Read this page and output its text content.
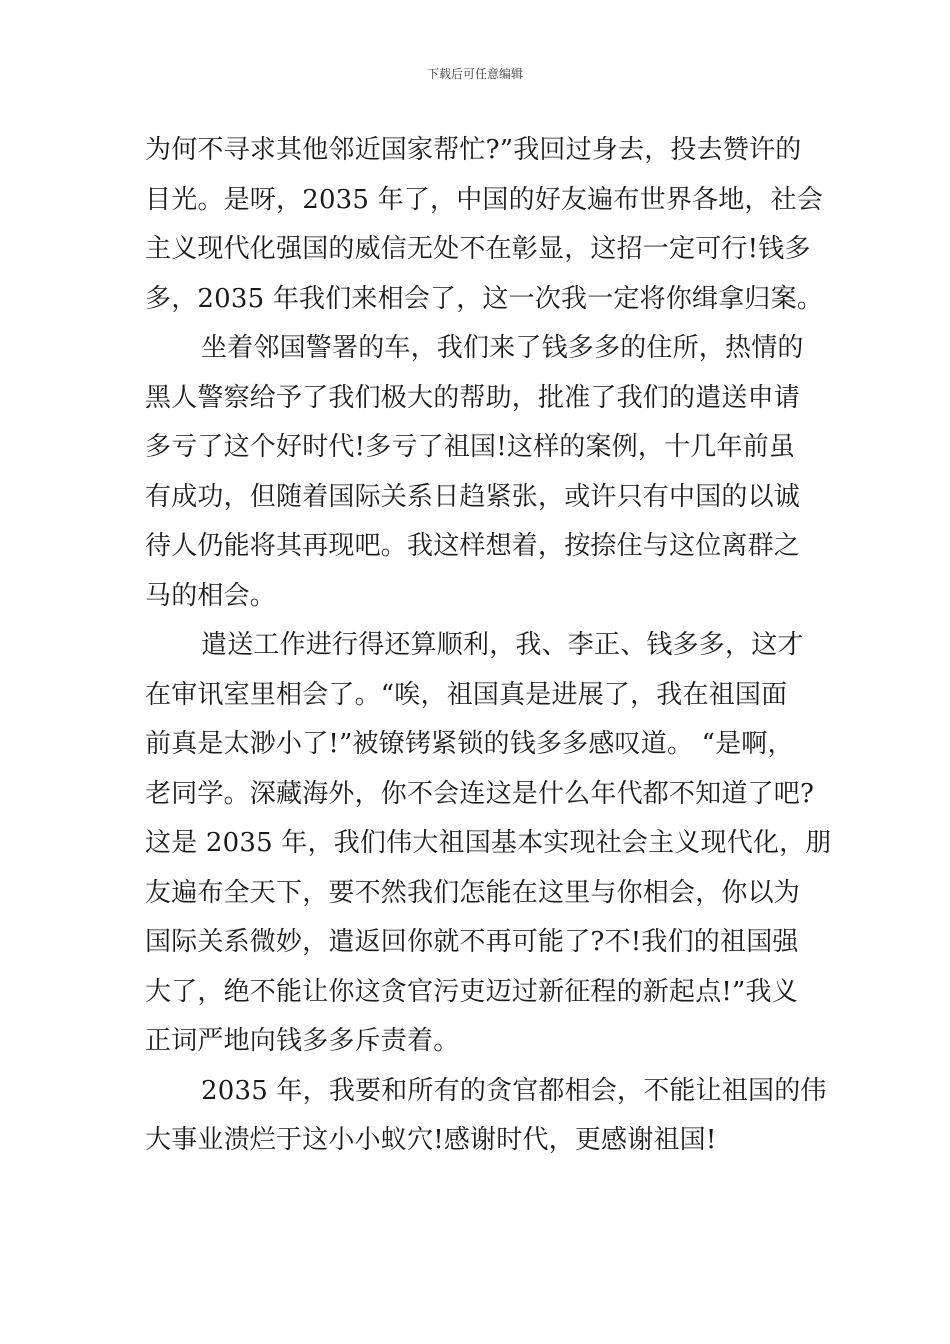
下载后可任意编辑
为何不寻求其他邻近国家帮忙?”我回过身去，投去赞许的
目光。是呀，2035 年了，中国的好友遍布世界各地，社会
主义现代化强国的威信无处不在彰显，这招一定可行!钱多
多，2035 年我们来相会了，这一次我一定将你缉拿归案。
坐着邻国警署的车，我们来了钱多多的住所，热情的
黑人警察给予了我们极大的帮助，批准了我们的遣送申请
多亏了这个好时代!多亏了祖国!这样的案例，十几年前虽
有成功，但随着国际关系日趋紧张，或许只有中国的以诚
待人仍能将其再现吧。我这样想着，按捺住与这位离群之
马的相会。
遣送工作进行得还算顺利，我、李正、钱多多，这才
在审讯室里相会了。“唉，祖国真是进展了，我在祖国面
前真是太渺小了!”被镣铐紧锁的钱多多感叹道。 “是啊，
老同学。深藏海外，你不会连这是什么年代都不知道了吧?
这是 2035 年，我们伟大祖国基本实现社会主义现代化，朋
友遍布全天下，要不然我们怎能在这里与你相会，你以为
国际关系微妙，遣返回你就不再可能了?不!我们的祖国强
大了，绝不能让你这贪官污吏迈过新征程的新起点!”我义
正词严地向钱多多斥责着。
2035 年，我要和所有的贪官都相会，不能让祖国的伟
大事业溃烂于这小小蚁穴!感谢时代，更感谢祖国!
